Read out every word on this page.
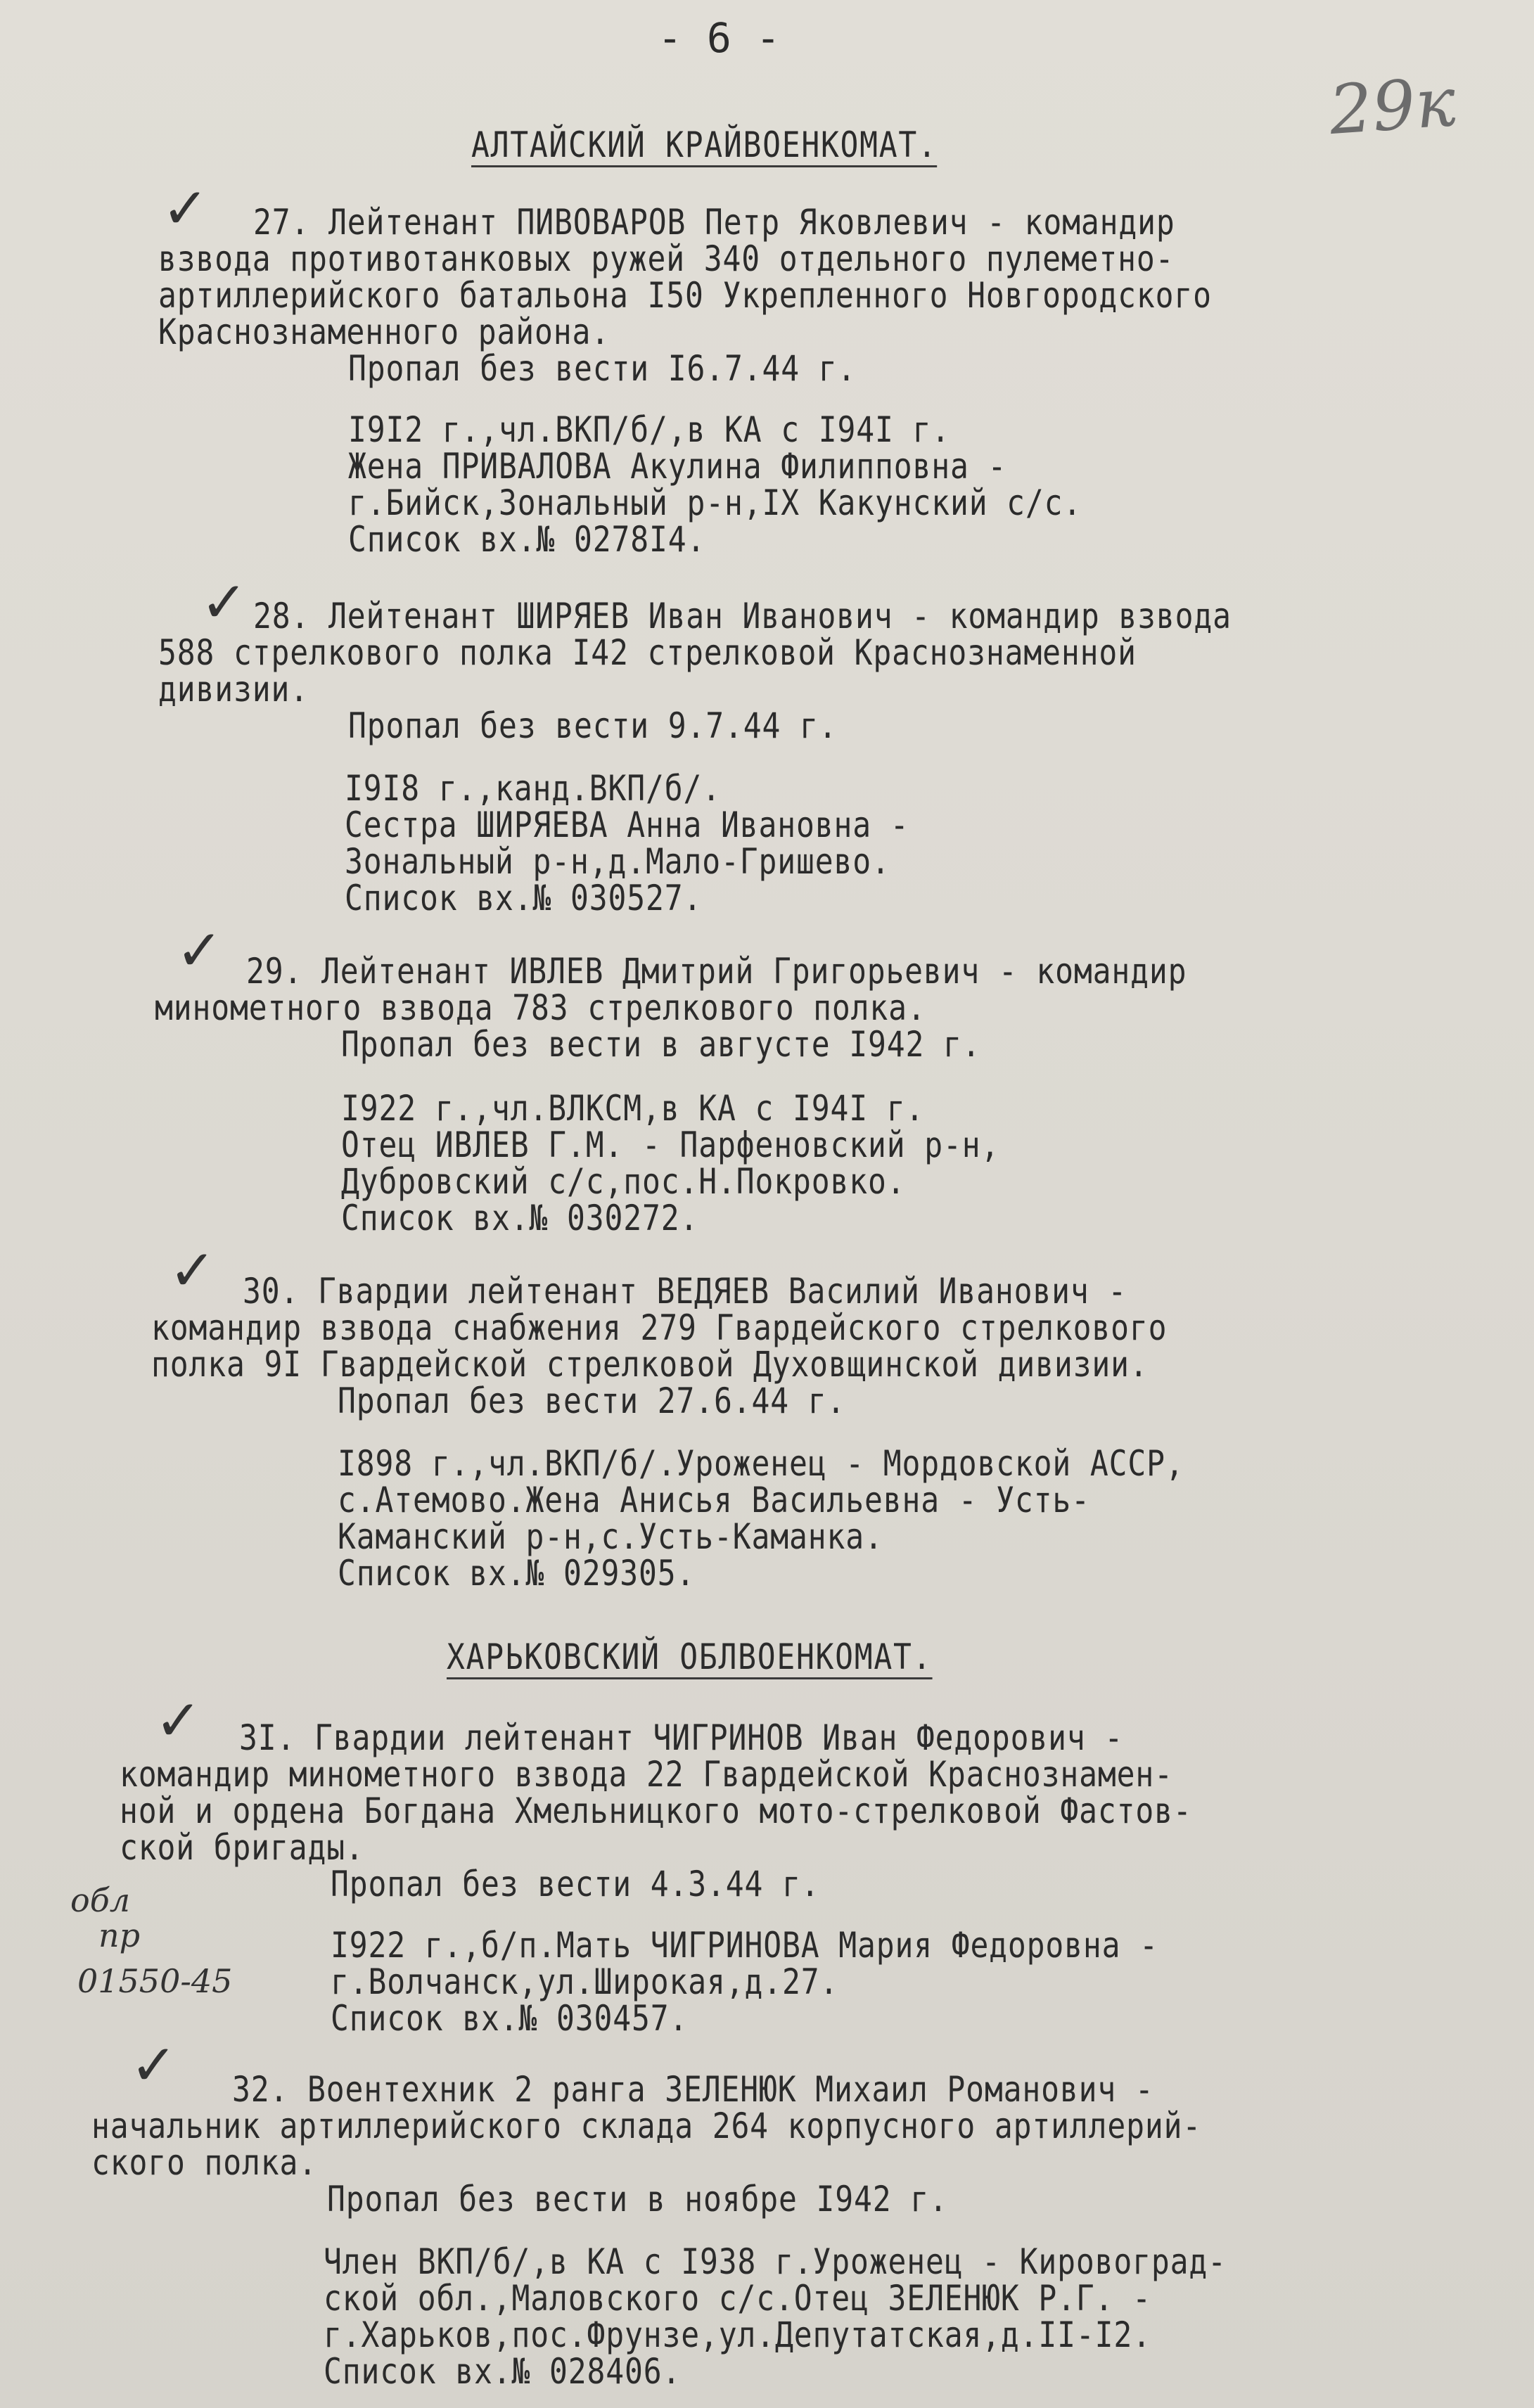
- 6 -
29к
АЛТАЙСКИЙ КРАЙВОЕНКОМАТ.
✓ 27. Лейтенант ПИВОВАРОВ Петр Яковлевич - командир
взвода противотанковых ружей 340 отдельного пулеметно-
артиллерийского батальона I50 Укрепленного Новгородского
Краснознаменного района.
Пропал без вести I6.7.44 г.
I9I2 г.,чл.ВКП/б/,в КА с I94I г.
Жена ПРИВАЛОВА Акулина Филипповна -
г.Бийск,Зональный р-н,IХ Какунский с/с.
Список вх.№ 0278I4.
✓ 28. Лейтенант ШИРЯЕВ Иван Иванович - командир взвода
588 стрелкового полка I42 стрелковой Краснознаменной
дивизии.
Пропал без вести 9.7.44 г.
I9I8 г.,канд.ВКП/б/.
Сестра ШИРЯЕВА Анна Ивановна -
Зональный р-н,д.Мало-Гришево.
Список вх.№ 030527.
✓ 29. Лейтенант ИВЛЕВ Дмитрий Григорьевич - командир
минометного взвода 783 стрелкового полка.
Пропал без вести в августе I942 г.
I922 г.,чл.ВЛКСМ,в КА с I94I г.
Отец ИВЛЕВ Г.М. - Парфеновский р-н,
Дубровский с/с,пос.Н.Покровко.
Список вх.№ 030272.
✓ 30. Гвардии лейтенант ВЕДЯЕВ Василий Иванович -
командир взвода снабжения 279 Гвардейского стрелкового
полка 9I Гвардейской стрелковой Духовщинской дивизии.
Пропал без вести 27.6.44 г.
I898 г.,чл.ВКП/б/.Уроженец - Мордовской АССР,
с.Атемово.Жена Анисья Васильевна - Усть-
Каманский р-н,с.Усть-Каманка.
Список вх.№ 029305.
ХАРЬКОВСКИЙ ОБЛВОЕНКОМАТ.
✓ 3I. Гвардии лейтенант ЧИГРИНОВ Иван Федорович -
командир минометного взвода 22 Гвардейской Краснознамен-
ной и ордена Богдана Хмельницкого мото-стрелковой Фастов-
ской бригады.
Пропал без вести 4.3.44 г.
I922 г.,б/п.Мать ЧИГРИНОВА Мария Федоровна -
г.Волчанск,ул.Широкая,д.27.
Список вх.№ 030457.
обл
пр
01550-45
✓ 32. Воентехник 2 ранга ЗЕЛЕНЮК Михаил Романович -
начальник артиллерийского склада 264 корпусного артиллерий-
ского полка.
Пропал без вести в ноябре I942 г.
Член ВКП/б/,в КА с I938 г.Уроженец - Кировоград-
ской обл.,Маловского с/с.Отец ЗЕЛЕНЮК Р.Г. -
г.Харьков,пос.Фрунзе,ул.Депутатская,д.II-I2.
Список вх.№ 028406.
